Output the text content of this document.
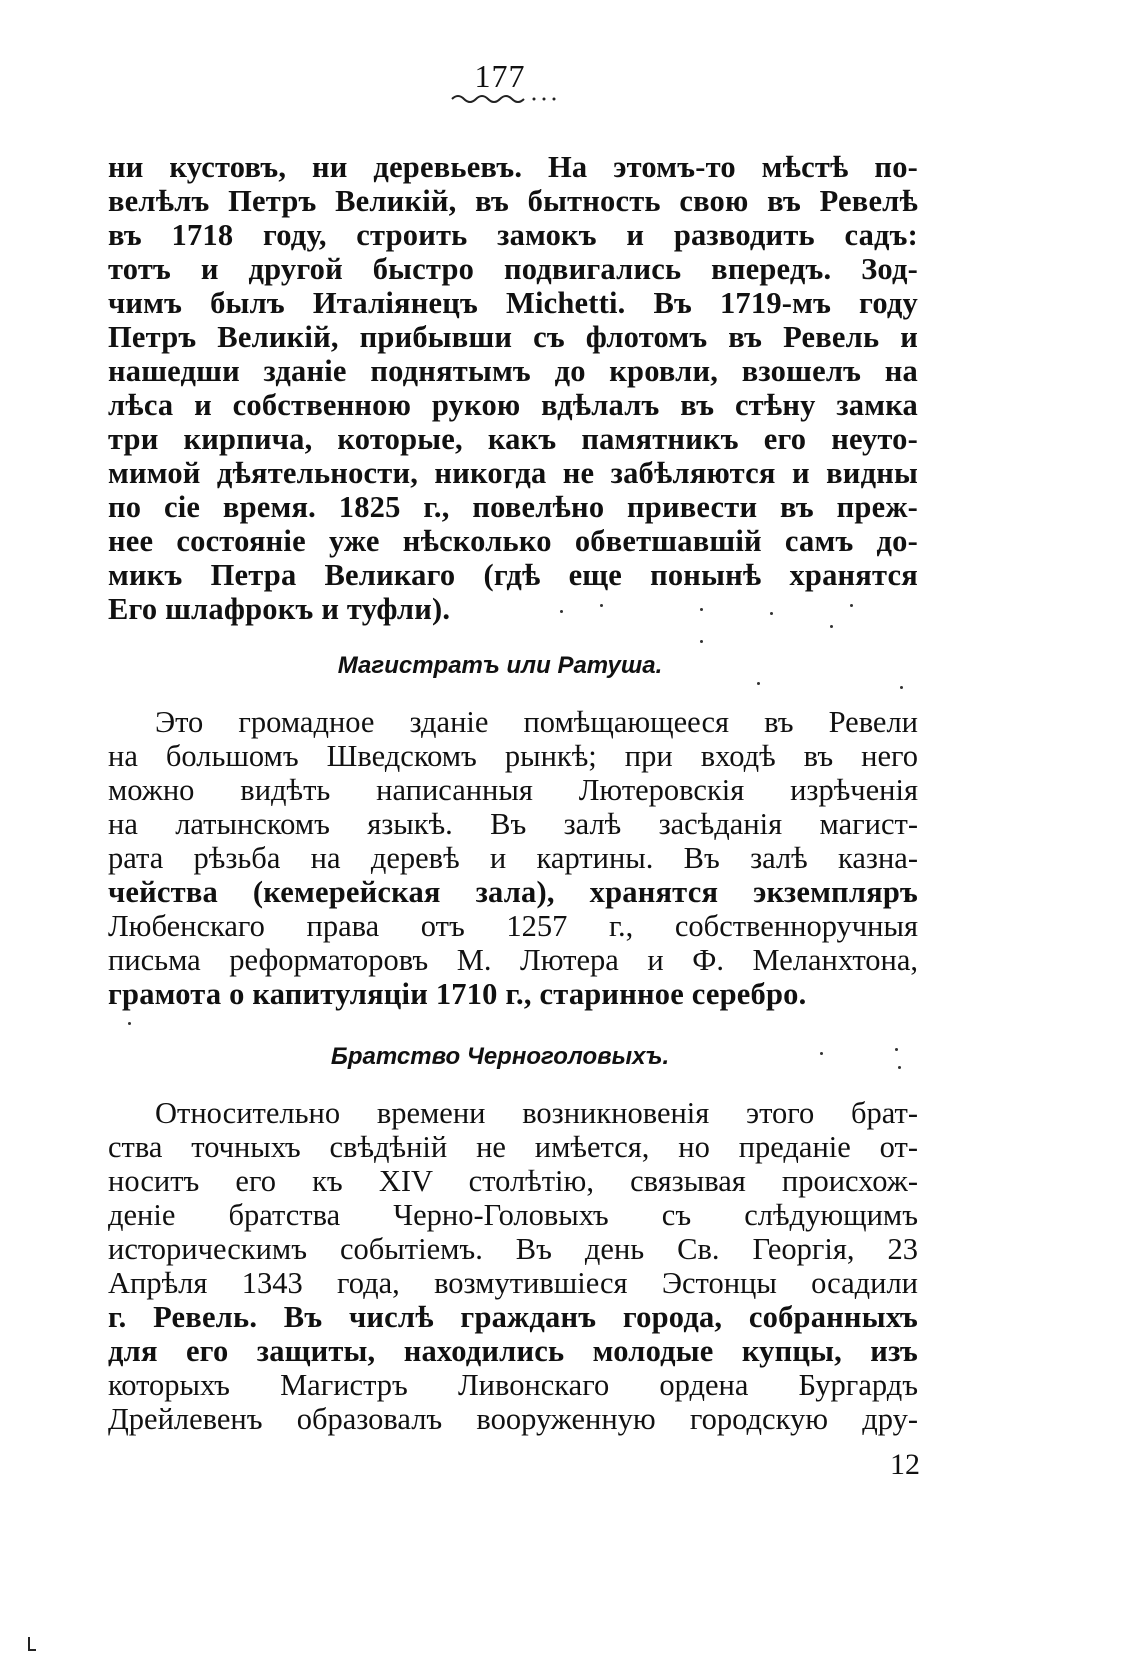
177
ни кустовъ, ни деревьевъ. На этомъ-то мѣстѣ по-
велѣлъ Петръ Великій, въ бытность свою въ Ревелѣ
въ 1718 году, строить замокъ и разводить садъ:
тотъ и другой быстро подвигались впередъ. Зод-
чимъ былъ Италіянецъ Michetti. Въ 1719-мъ году
Петръ Великій, прибывши съ флотомъ въ Ревель и
нашедши зданіе поднятымъ до кровли, взошелъ на
лѣса и собственною рукою вдѣлалъ въ стѣну замка
три кирпича, которые, какъ памятникъ его неуто-
мимой дѣятельности, никогда не забѣляются и видны
по сіе время. 1825 г., повелѣно привести въ преж-
нее состояніе уже нѣсколько обветшавшій самъ до-
микъ Петра Великаго (гдѣ еще понынѣ хранятся
Его шлафрокъ и туфли).
Магистратъ или Ратуша.
Это громадное зданіе помѣщающееся въ Ревели
на большомъ Шведскомъ рынкѣ; при входѣ въ него
можно видѣть написанныя Лютеровскія изрѣченія
на латынскомъ языкѣ. Въ залѣ засѣданія магист-
рата рѣзьба на деревѣ и картины. Въ залѣ казна-
чейства (кемерейская зала), хранятся экземпляръ
Любенскаго права отъ 1257 г., собственноручныя
письма реформаторовъ М. Лютера и Ф. Меланхтона,
грамота о капитуляціи 1710 г., старинное серебро.
Братство Черноголовыхъ.
Относительно времени возникновенія этого брат-
ства точныхъ свѣдѣній не имѣется, но преданіе от-
носитъ его къ XIV столѣтію, связывая происхож-
деніе братства Черно-Головыхъ съ слѣдующимъ
историческимъ событіемъ. Въ день Св. Георгія, 23
Апрѣля 1343 года, возмутившіеся Эстонцы осадили
г. Ревель. Въ числѣ гражданъ города, собранныхъ
для его защиты, находились молодые купцы, изъ
которыхъ Магистръ Ливонскаго ордена Бургардъ
Дрейлевенъ образовалъ вооруженную городскую дру-
12
